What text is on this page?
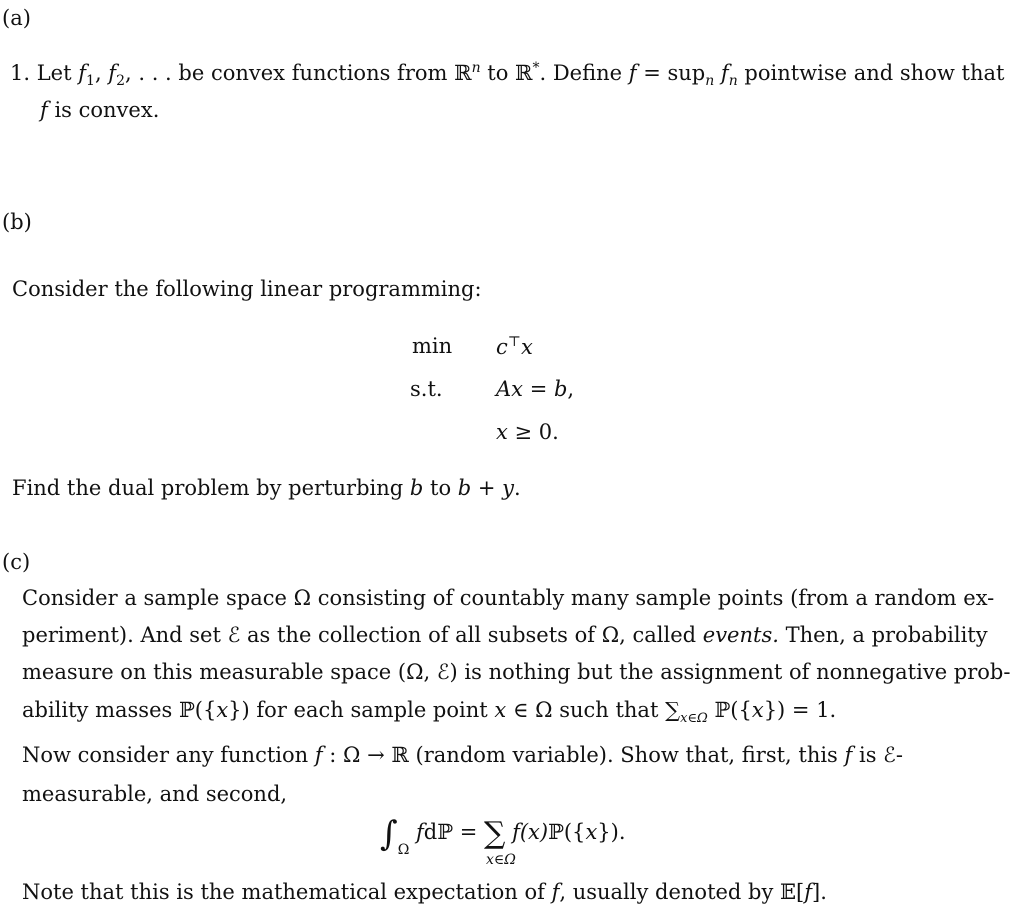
(a)
1. Let $f_1$, $f_2$, . . . be convex functions from ℝ$^n$ to ℝ*. Define f = sup$_n$ $f_n$ pointwise and show that
f is convex.
(b)
Consider the following linear programming:
min c⊤x
s.t.	Ax = b,
x ≥ 0.
Find the dual problem by perturbing b to b + y.
(c)
Consider a sample space Ω consisting of countably many sample points (from a random ex-
periment). And set ℰ as the collection of all subsets of Ω, called events. Then, a probability
measure on this measurable space (Ω, ℰ) is nothing but the assignment of nonnegative prob-
ability masses ℙ({x}) for each sample point x ∈ Ω such that $\sum_{x\in\Omega}$ ℙ({x}) = 1.
Now consider any function f : Ω → ℝ (random variable). Show that, first, this f is ℰ-
measurable, and second,
$\int_\Omega$ fdℙ = ∑ f(x)ℙ({x}).
x∈Ω
Note that this is the mathematical expectation of f, usually denoted by 𝔼[f].
